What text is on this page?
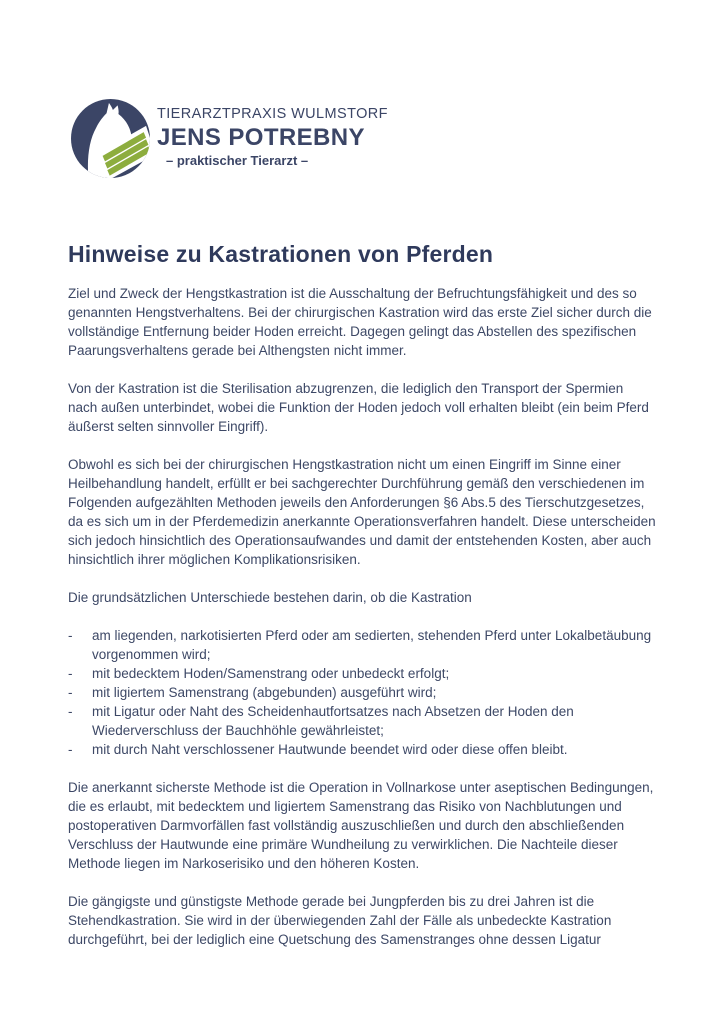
TIERARZTPRAXIS WULMSTORF
JENS POTREBNY
– praktischer Tierarzt –
Hinweise zu Kastrationen von Pferden

Ziel und Zweck der Hengstkastration ist die Ausschaltung der Befruchtungsfähigkeit und des so genannten Hengstverhaltens. Bei der chirurgischen Kastration wird das erste Ziel sicher durch die vollständige Entfernung beider Hoden erreicht. Dagegen gelingt das Abstellen des spezifischen Paarungsverhaltens gerade bei Althengsten nicht immer.

Von der Kastration ist die Sterilisation abzugrenzen, die lediglich den Transport der Spermien nach außen unterbindet, wobei die Funktion der Hoden jedoch voll erhalten bleibt (ein beim Pferd äußerst selten sinnvoller Eingriff).

Obwohl es sich bei der chirurgischen Hengstkastration nicht um einen Eingriff im Sinne einer Heilbehandlung handelt, erfüllt er bei sachgerechter Durchführung gemäß den verschiedenen im Folgenden aufgezählten Methoden jeweils den Anforderungen §6 Abs.5 des Tierschutzgesetzes, da es sich um in der Pferdemedizin anerkannte Operationsverfahren handelt. Diese unterscheiden sich jedoch hinsichtlich des Operationsaufwandes und damit der entstehenden Kosten, aber auch hinsichtlich ihrer möglichen Komplikationsrisiken.

Die grundsätzlichen Unterschiede bestehen darin, ob die Kastration

-	am liegenden, narkotisierten Pferd oder am sedierten, stehenden Pferd unter Lokalbetäubung vorgenommen wird;
-	mit bedecktem Hoden/Samenstrang oder unbedeckt erfolgt;
-	mit ligiertem Samenstrang (abgebunden) ausgeführt wird;
-	mit Ligatur oder Naht des Scheidenhautfortsatzes nach Absetzen der Hoden den Wiederverschluss der Bauchhöhle gewährleistet;
-	mit durch Naht verschlossener Hautwunde beendet wird oder diese offen bleibt.

Die anerkannt sicherste Methode ist die Operation in Vollnarkose unter aseptischen Bedingungen, die es erlaubt, mit bedecktem und ligiertem Samenstrang das Risiko von Nachblutungen und postoperativen Darmvorfällen fast vollständig auszuschließen und durch den abschließenden Verschluss der Hautwunde eine primäre Wundheilung zu verwirklichen. Die Nachteile dieser Methode liegen im Narkoserisiko und den höheren Kosten.

Die gängigste und günstigste Methode gerade bei Jungpferden bis zu drei Jahren ist die Stehendkastration. Sie wird in der überwiegenden Zahl der Fälle als unbedeckte Kastration durchgeführt, bei der lediglich eine Quetschung des Samenstranges ohne dessen Ligatur
